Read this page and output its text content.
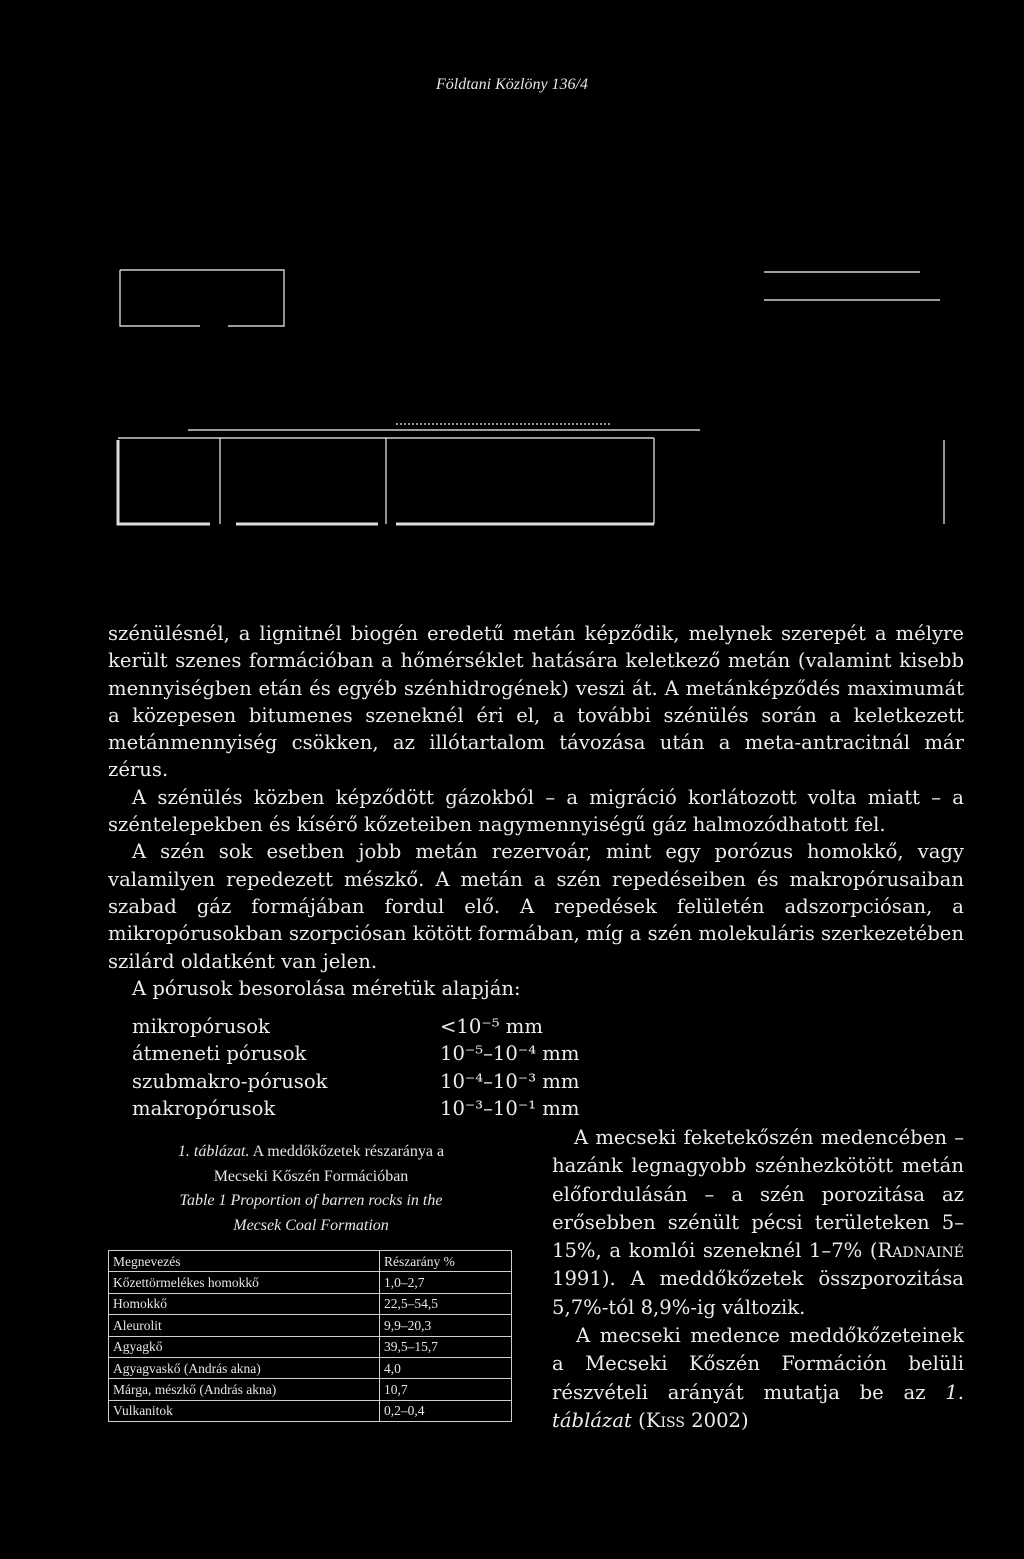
Földtani Közlöny 136/4

szénülésnél, a lignitnél biogén eredetű metán képződik, melynek szerepét a mélyre került szenes formációban a hőmérséklet hatására keletkező metán (valamint kisebb mennyiségben etán és egyéb szénhidrogének) veszi át. A metánképződés maximumát a közepesen bitumenes szeneknél éri el, a további szénülés során a keletkezett metánmennyiség csökken, az illótartalom távozása után a meta-antracitnál már zérus.

A szénülés közben képződött gázokból – a migráció korlátozott volta miatt – a széntelepekben és kísérő kőzeteiben nagymennyiségű gáz halmozódhatott fel.

A szén sok esetben jobb metán rezervoár, mint egy porózus homokkő, vagy valamilyen repedezett mészkő. A metán a szén repedéseiben és makropórusaiban szabad gáz formájában fordul elő. A repedések felületén adszorpciósan, a mikropórusokban szorpciósan kötött formában, míg a szén molekuláris szerkezetében szilárd oldatként van jelen.

A pórusok besorolása méretük alapján:

mikropórusok	<10⁻⁵ mm
átmeneti pórusok	10⁻⁵–10⁻⁴ mm
szubmakro-pórusok	10⁻⁴–10⁻³ mm
makropórusok	10⁻³–10⁻¹ mm
1. táblázat. A meddőkőzetek részaránya a
Mecseki Kőszén Formációban
Table 1 Proportion of barren rocks in the
Mecsek Coal Formation
Megnevezés	Részarány %
Kőzettörmelékes homokkő	1,0–2,7
Homokkő	22,5–54,5
Aleurolit	9,9–20,3
Agyagkő	39,5–15,7
Agyagvaskő (András akna)	4,0
Márga, mészkő (András akna)	10,7
Vulkanitok	0,2–0,4

A mecseki feketekőszén medencében – hazánk legnagyobb szénhezkötött metán előfordulásán – a szén porozitása az erősebben szénült pécsi területeken 5–15%, a komlói szeneknél 1–7% (Radnainé 1991). A meddőkőzetek összporozitása 5,7%-tól 8,9%-ig változik.

A mecseki medence meddőkőzeteinek a Mecseki Kőszén Formáción belüli részvételi arányát mutatja be az 1. táblázat (Kiss 2002)
